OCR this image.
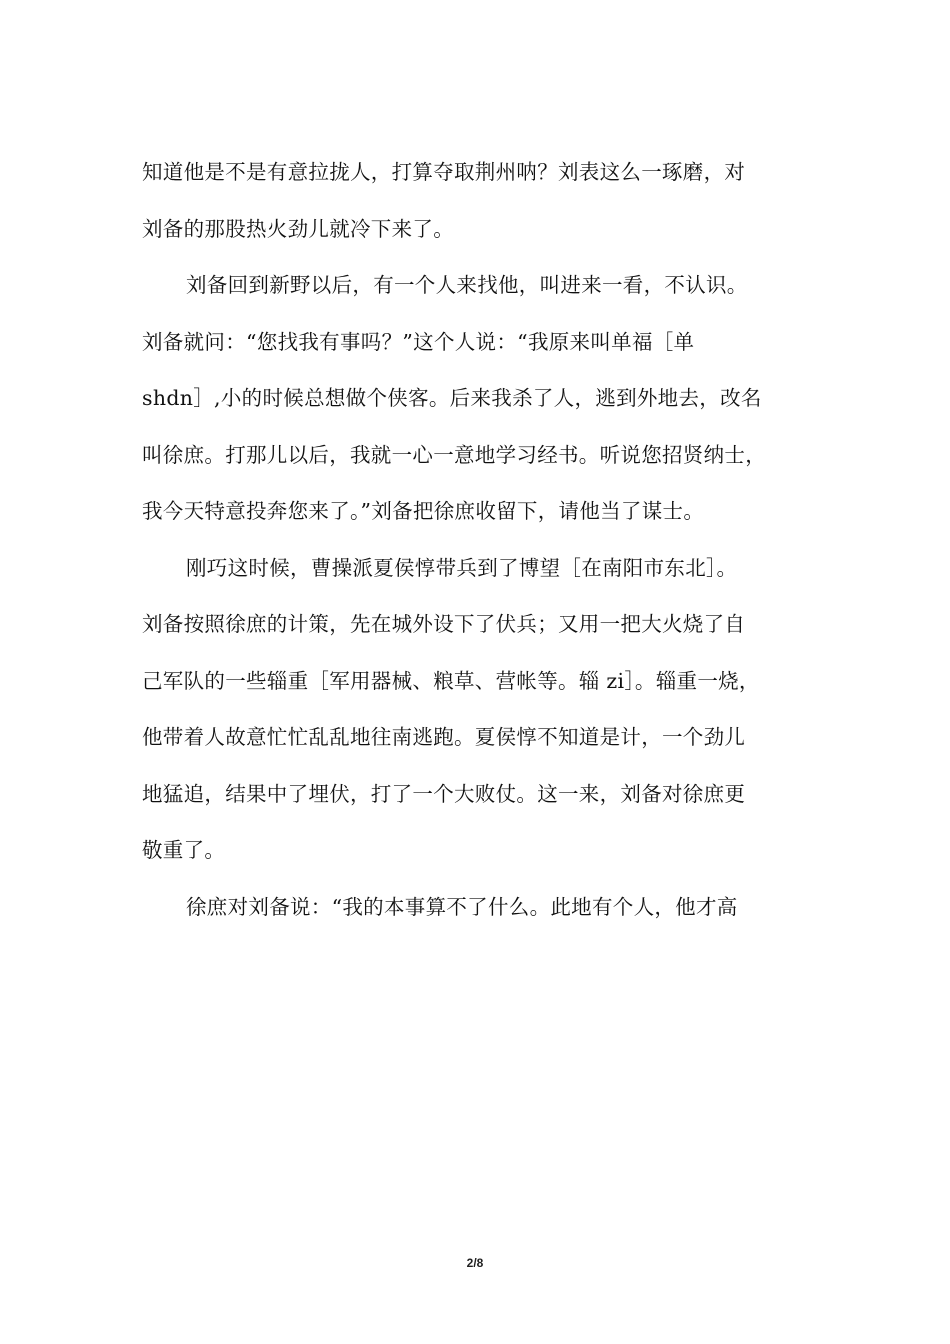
知道他是不是有意拉拢人，打算夺取荆州呐？刘表这么一琢磨，对
刘备的那股热火劲儿就冷下来了。
刘备回到新野以后，有一个人来找他，叫进来一看，不认识。
刘备就问：“您找我有事吗？”这个人说：“我原来叫单福［单
shdn］,小的时候总想做个侠客。后来我杀了人，逃到外地去，改名
叫徐庶。打那儿以后，我就一心一意地学习经书。听说您招贤纳士，
我今天特意投奔您来了。”刘备把徐庶收留下，请他当了谋士。
刚巧这时候，曹操派夏侯惇带兵到了博望［在南阳市东北］。
刘备按照徐庶的计策，先在城外设下了伏兵；又用一把大火烧了自
己军队的一些辎重［军用器械、粮草、营帐等。辎 zi］。辎重一烧，
他带着人故意忙忙乱乱地往南逃跑。夏侯惇不知道是计，一个劲儿
地猛追，结果中了埋伏，打了一个大败仗。这一来，刘备对徐庶更
敬重了。
徐庶对刘备说：“我的本事算不了什么。此地有个人，他才高
2/8
